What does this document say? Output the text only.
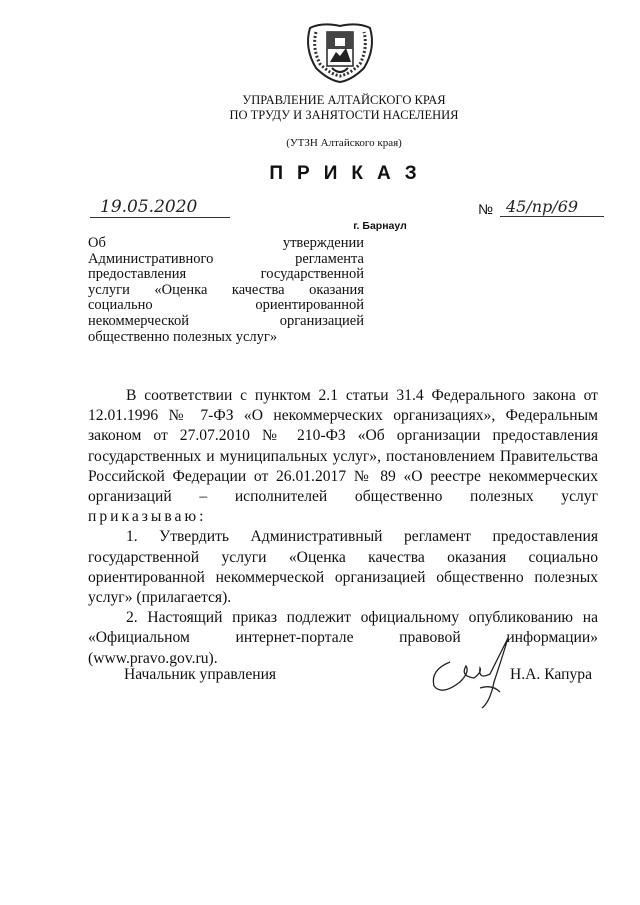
УПРАВЛЕНИЕ АЛТАЙСКОГО КРАЯ
ПО ТРУДУ И ЗАНЯТОСТИ НАСЕЛЕНИЯ
(УТЗН Алтайского края)
ПРИКАЗ
19.05.2020	№ 45/пр/69
г. Барнаул
Об утверждении
Административного регламента
предоставления государственной
услуги «Оценка качества оказания
социально ориентированной
некоммерческой организацией
общественно полезных услуг»

В соответствии с пунктом 2.1 статьи 31.4 Федерального закона от 12.01.1996 № 7-ФЗ «О некоммерческих организациях», Федеральным законом от 27.07.2010 № 210-ФЗ «Об организации предоставления государственных и муниципальных услуг», постановлением Правительства Российской Федерации от 26.01.2017 № 89 «О реестре некоммерческих организаций – исполнителей общественно полезных услуг приказываю:

1. Утвердить Административный регламент предоставления государственной услуги «Оценка качества оказания социально ориентированной некоммерческой организацией общественно полезных услуг» (прилагается).

2. Настоящий приказ подлежит официальному опубликованию на «Официальном интернет-портале правовой информации» (www.pravo.gov.ru).

Начальник управления	Н.А. Капура
